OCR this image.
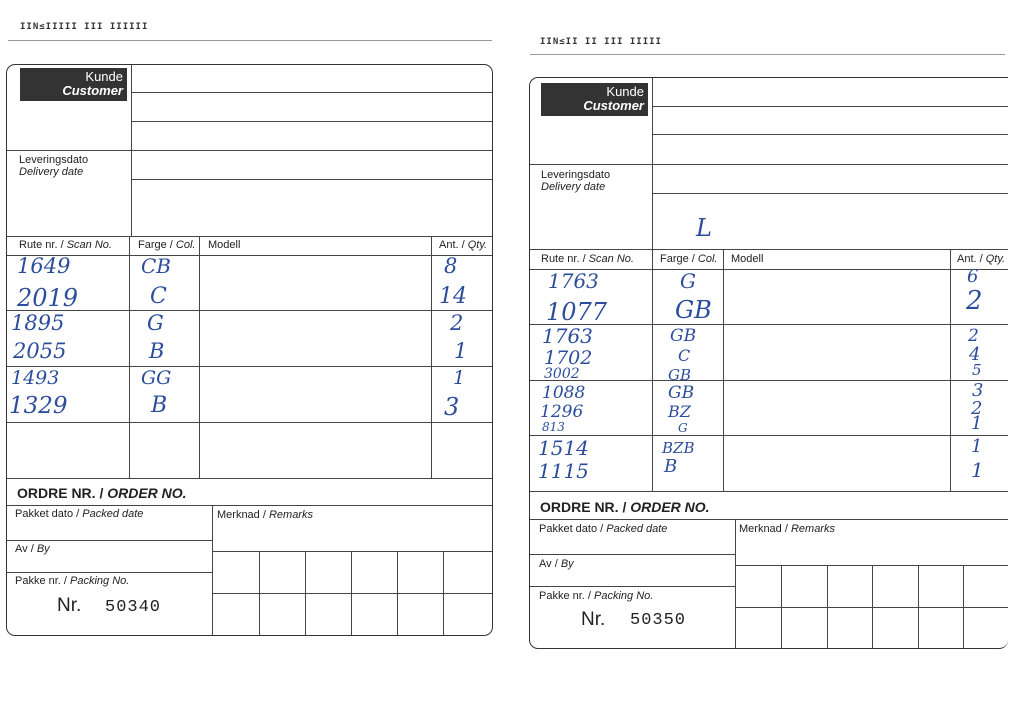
IIN≤IIIII III IIIIII
Kunde
Customer
Leveringsdato
Delivery date
Rute nr. / Scan No. Farge / Col. Modell	Ant. / Qty.
1649	CB	8
2019	C	14
1895	G	2
2055	B	1
1493	GG	1
1329	B	3
ORDRE NR. / ORDER NO.
Pakket dato / Packed date	Merknad / Remarks
Av / By
Pakke nr. / Packing No.
Nr. 50340
IIN≤II II III IIIII
Kunde
Customer
Leveringsdato
Delivery date
L
Rute nr. / Scan No. Farge / Col. Modell	Ant. / Qty.
1763	G	6
1077	GB	2
1763	GB	2
1702	C	4
3002	GB	5
1088	GB	3
1296	BZ	2
813	G	1
1514	BZB	1
1115	B	1
ORDRE NR. / ORDER NO.
Pakket dato / Packed date	Merknad / Remarks
Av / By
Pakke nr. / Packing No.
Nr. 50350
